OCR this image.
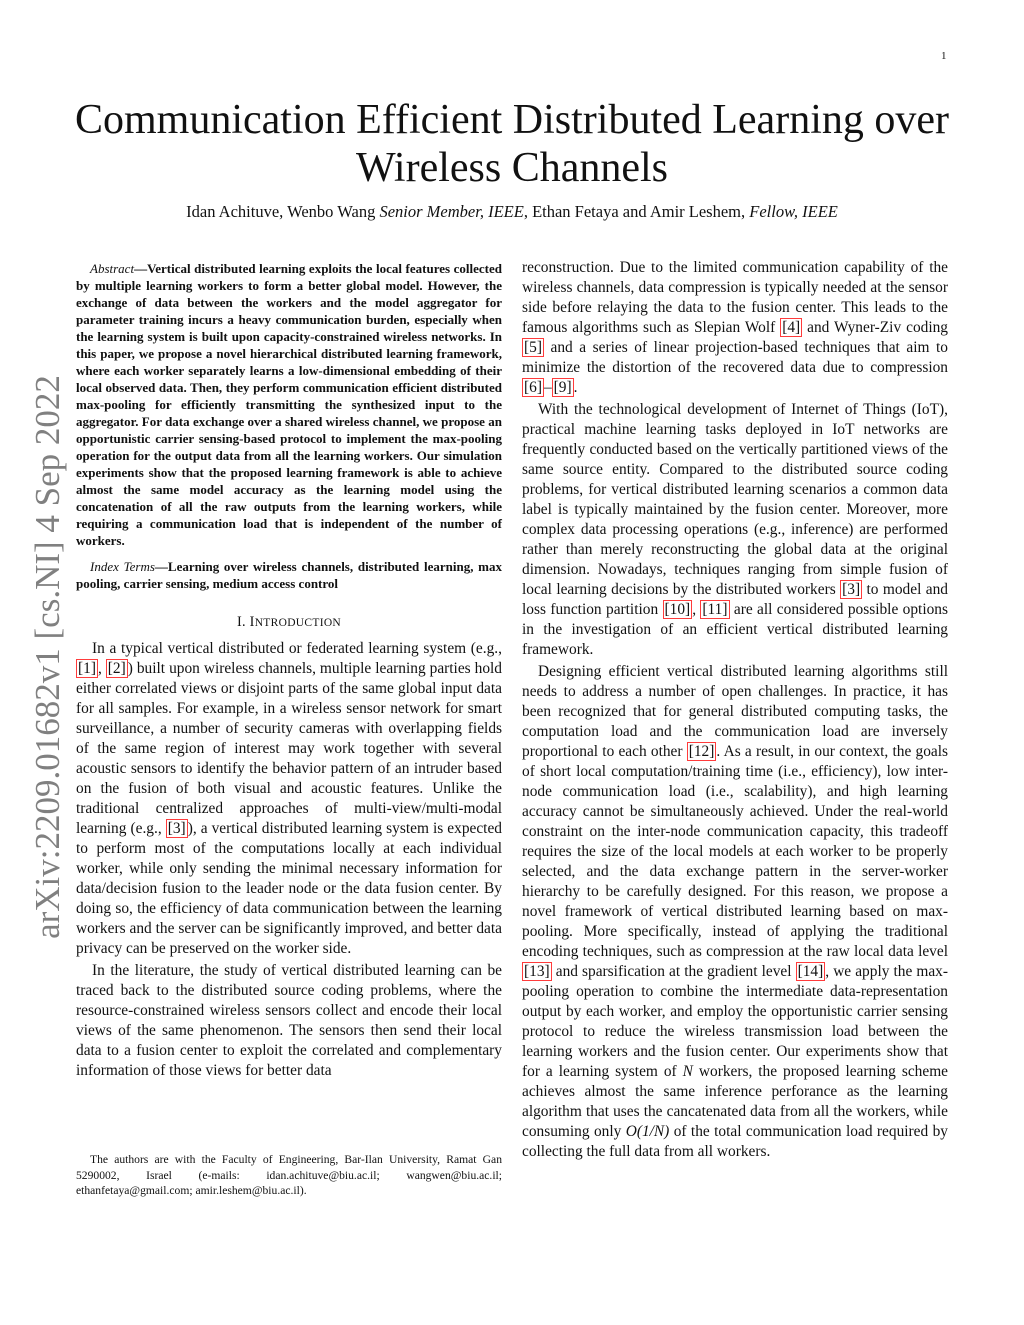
1
arXiv:2209.01682v1 [cs.NI] 4 Sep 2022
Communication Efficient Distributed Learning over
Wireless Channels
Idan Achituve, Wenbo Wang Senior Member, IEEE, Ethan Fetaya and Amir Leshem, Fellow, IEEE

Abstract—Vertical distributed learning exploits the local features collected by multiple learning workers to form a better global model. However, the exchange of data between the workers and the model aggregator for parameter training incurs a heavy communication burden, especially when the learning system is built upon capacity-constrained wireless networks. In this paper, we propose a novel hierarchical distributed learning framework, where each worker separately learns a low-dimensional embedding of their local observed data. Then, they perform communication efficient distributed max-pooling for efficiently transmitting the synthesized input to the aggregator. For data exchange over a shared wireless channel, we propose an opportunistic carrier sensing-based protocol to implement the max-pooling operation for the output data from all the learning workers. Our simulation experiments show that the proposed learning framework is able to achieve almost the same model accuracy as the learning model using the concatenation of all the raw outputs from the learning workers, while requiring a communication load that is independent of the number of workers.

Index Terms—Learning over wireless channels, distributed learning, max pooling, carrier sensing, medium access control

I. INTRODUCTION

In a typical vertical distributed or federated learning system (e.g., [1] , [2] ) built upon wireless channels, multiple learning parties hold either correlated views or disjoint parts of the same global input data for all samples. For example, in a wireless sensor network for smart surveillance, a number of security cameras with overlapping fields of the same region of interest may work together with several acoustic sensors to identify the behavior pattern of an intruder based on the fusion of both visual and acoustic features. Unlike the traditional centralized approaches of multi-view/multi-modal learning (e.g., [3] ), a vertical distributed learning system is expected to perform most of the computations locally at each individual worker, while only sending the minimal necessary information for data/decision fusion to the leader node or the data fusion center. By doing so, the efficiency of data communication between the learning workers and the server can be significantly improved, and better data privacy can be preserved on the worker side.

In the literature, the study of vertical distributed learning can be traced back to the distributed source coding problems, where the resource-constrained wireless sensors collect and encode their local views of the same phenomenon. The sensors then send their local data to a fusion center to exploit the correlated and complementary information of those views for better data

The authors are with the Faculty of Engineering, Bar-Ilan University, Ramat Gan 5290002, Israel (e-mails: idan.achituve@biu.ac.il; wangwen@biu.ac.il; ethanfetaya@gmail.com; amir.leshem@biu.ac.il).

reconstruction. Due to the limited communication capability of the wireless channels, data compression is typically needed at the sensor side before relaying the data to the fusion center. This leads to the famous algorithms such as Slepian Wolf [4] and Wyner-Ziv coding [5] and a series of linear projection-based techniques that aim to minimize the distortion of the recovered data due to compression [6] – [9] .

With the technological development of Internet of Things (IoT), practical machine learning tasks deployed in IoT networks are frequently conducted based on the vertically partitioned views of the same source entity. Compared to the distributed source coding problems, for vertical distributed learning scenarios a common data label is typically maintained by the fusion center. Moreover, more complex data processing operations (e.g., inference) are performed rather than merely reconstructing the global data at the original dimension. Nowadays, techniques ranging from simple fusion of local learning decisions by the distributed workers [3] to model and loss function partition [10] , [11] are all considered possible options in the investigation of an efficient vertical distributed learning framework.

Designing efficient vertical distributed learning algorithms still needs to address a number of open challenges. In practice, it has been recognized that for general distributed computing tasks, the computation load and the communication load are inversely proportional to each other [12] . As a result, in our context, the goals of short local computation/training time (i.e., efficiency), low inter-node communication load (i.e., scalability), and high learning accuracy cannot be simultaneously achieved. Under the real-world constraint on the inter-node communication capacity, this tradeoff requires the size of the local models at each worker to be properly selected, and the data exchange pattern in the server-worker hierarchy to be carefully designed. For this reason, we propose a novel framework of vertical distributed learning based on max-pooling. More specifically, instead of applying the traditional encoding techniques, such as compression at the raw local data level [13] and sparsification at the gradient level [14] , we apply the max-pooling operation to combine the intermediate data-representation output by each worker, and employ the opportunistic carrier sensing protocol to reduce the wireless transmission load between the learning workers and the fusion center. Our experiments show that for a learning system of N workers, the proposed learning scheme achieves almost the same inference perforance as the learning algorithm that uses the cancatenated data from all the workers, while consuming only O(1/N) of the total communication load required by collecting the full data from all workers.
